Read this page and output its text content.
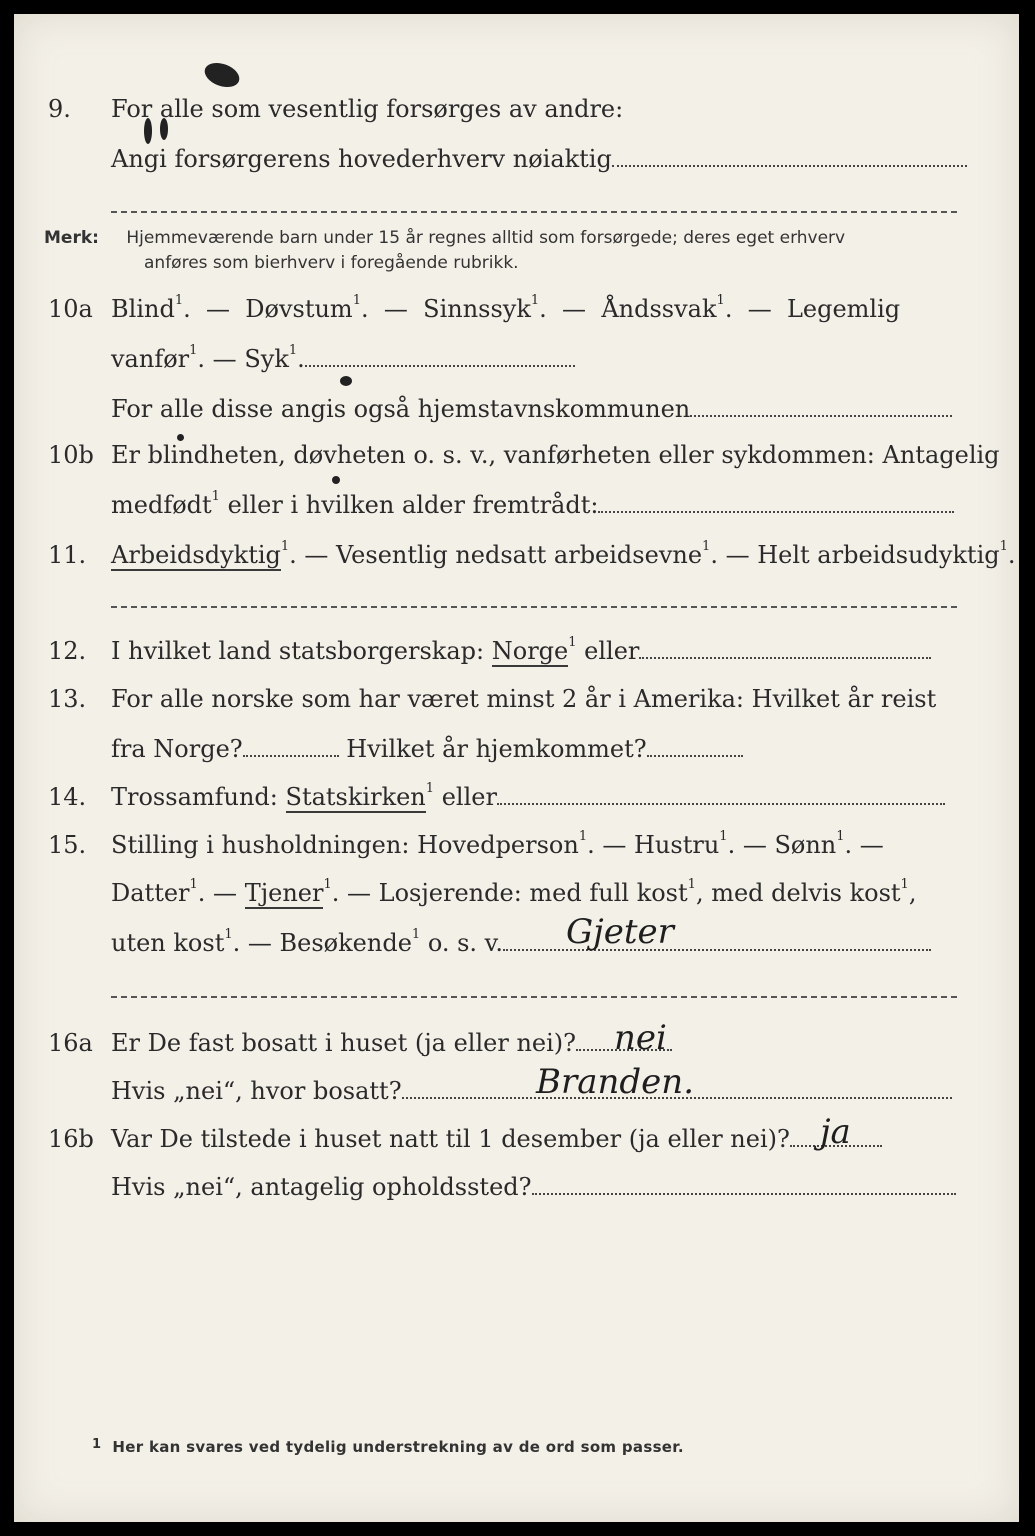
9. For alle som vesentlig forsørges av andre:
Angi forsørgerens hovederhverv nøiaktig
Merk: Hjemmeværende barn under 15 år regnes alltid som forsørgede; deres eget erhverv
anføres som bierhverv i foregående rubrikk.
10a Blind$^1$.  —  Døvstum$^1$.  —  Sinnssyk$^1$.  —  Åndssvak$^1$.  —  Legemlig
vanfør$^1$. — Syk$^1$.
For alle disse angis også hjemstavnskommunen
10b Er blindheten, døvheten o. s. v., vanførheten eller sykdommen: Antagelig
medfødt$^1$ eller i hvilken alder fremtrådt:
11. Arbeidsdyktig$^1$. — Vesentlig nedsatt arbeidsevne$^1$. — Helt arbeidsudyktig$^1$.
12. I hvilket land statsborgerskap: Norge$^1$ eller
13. For alle norske som har været minst 2 år i Amerika: Hvilket år reist
fra Norge?	Hvilket år hjemkommet?
14. Trossamfund: Statskirken$^1$ eller
15. Stilling i husholdningen: Hovedperson$^1$. — Hustru$^1$. — Sønn$^1$. —
Datter$^1$. — Tjener$^1$. — Losjerende: med full kost$^1$, med delvis kost$^1$,
uten kost$^1$. — Besøkende$^1$ o. s. v.	Gjeter
16a Er De fast bosatt i huset (ja eller nei)?	nei
Hvis „nei“, hvor bosatt?	Branden.
16b Var De tilstede i huset natt til 1 desember (ja eller nei)? ja
Hvis „nei“, antagelig opholdssted?
$^1$ Her kan svares ved tydelig understrekning av de ord som passer.
